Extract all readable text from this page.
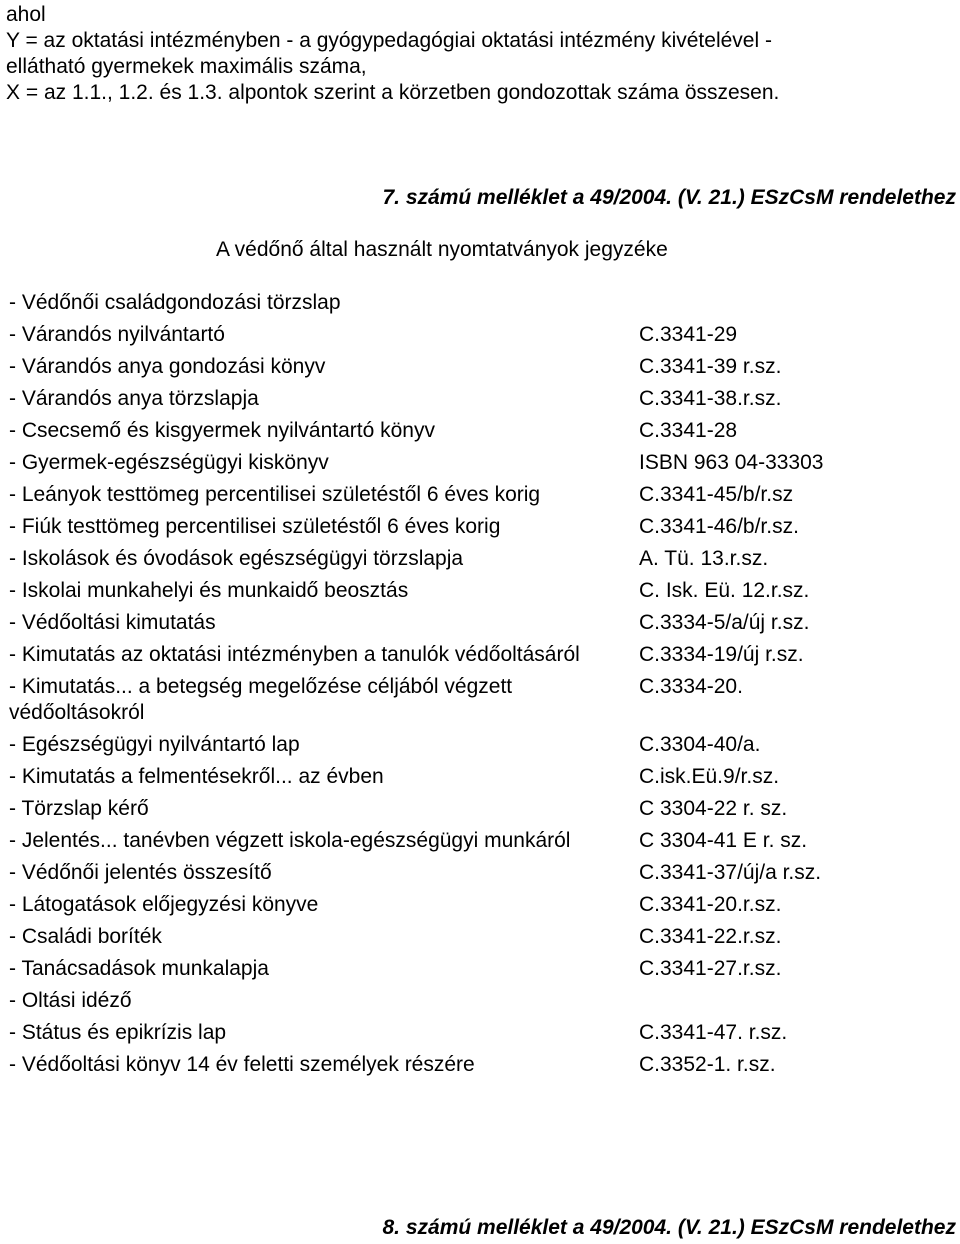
ahol
Y = az oktatási intézményben - a gyógypedagógiai oktatási intézmény kivételével -
ellátható gyermekek maximális száma,
X = az 1.1., 1.2. és 1.3. alpontok szerint a körzetben gondozottak száma összesen.
7. számú melléklet a 49/2004. (V. 21.) ESzCsM rendelethez
A védőnő által használt nyomtatványok jegyzéke
- Védőnői családgondozási törzslap
- Várandós nyilvántartó	C.3341-29
- Várandós anya gondozási könyv	C.3341-39 r.sz.
- Várandós anya törzslapja	C.3341-38.r.sz.
- Csecsemő és kisgyermek nyilvántartó könyv	C.3341-28
- Gyermek-egészségügyi kiskönyv	ISBN 963 04-33303
- Leányok testtömeg percentilisei születéstől 6 éves korig	C.3341-45/b/r.sz
- Fiúk testtömeg percentilisei születéstől 6 éves korig	C.3341-46/b/r.sz.
- Iskolások és óvodások egészségügyi törzslapja	A. Tü. 13.r.sz.
- Iskolai munkahelyi és munkaidő beosztás	C. Isk. Eü. 12.r.sz.
- Védőoltási kimutatás	C.3334-5/a/új r.sz.
- Kimutatás az oktatási intézményben a tanulók védőoltásáról	C.3334-19/új r.sz.
- Kimutatás... a betegség megelőzése céljából végzett védőoltásokról
C.3334-20.
- Egészségügyi nyilvántartó lap	C.3304-40/a.
- Kimutatás a felmentésekről... az évben	C.isk.Eü.9/r.sz.
- Törzslap kérő	C 3304-22 r. sz.
- Jelentés... tanévben végzett iskola-egészségügyi munkáról	C 3304-41 E r. sz.
- Védőnői jelentés összesítő	C.3341-37/új/a r.sz.
- Látogatások előjegyzési könyve	C.3341-20.r.sz.
- Családi boríték	C.3341-22.r.sz.
- Tanácsadások munkalapja	C.3341-27.r.sz.
- Oltási idéző
- Státus és epikrízis lap	C.3341-47. r.sz.
- Védőoltási könyv 14 év feletti személyek részére	C.3352-1. r.sz.
8. számú melléklet a 49/2004. (V. 21.) ESzCsM rendelethez
